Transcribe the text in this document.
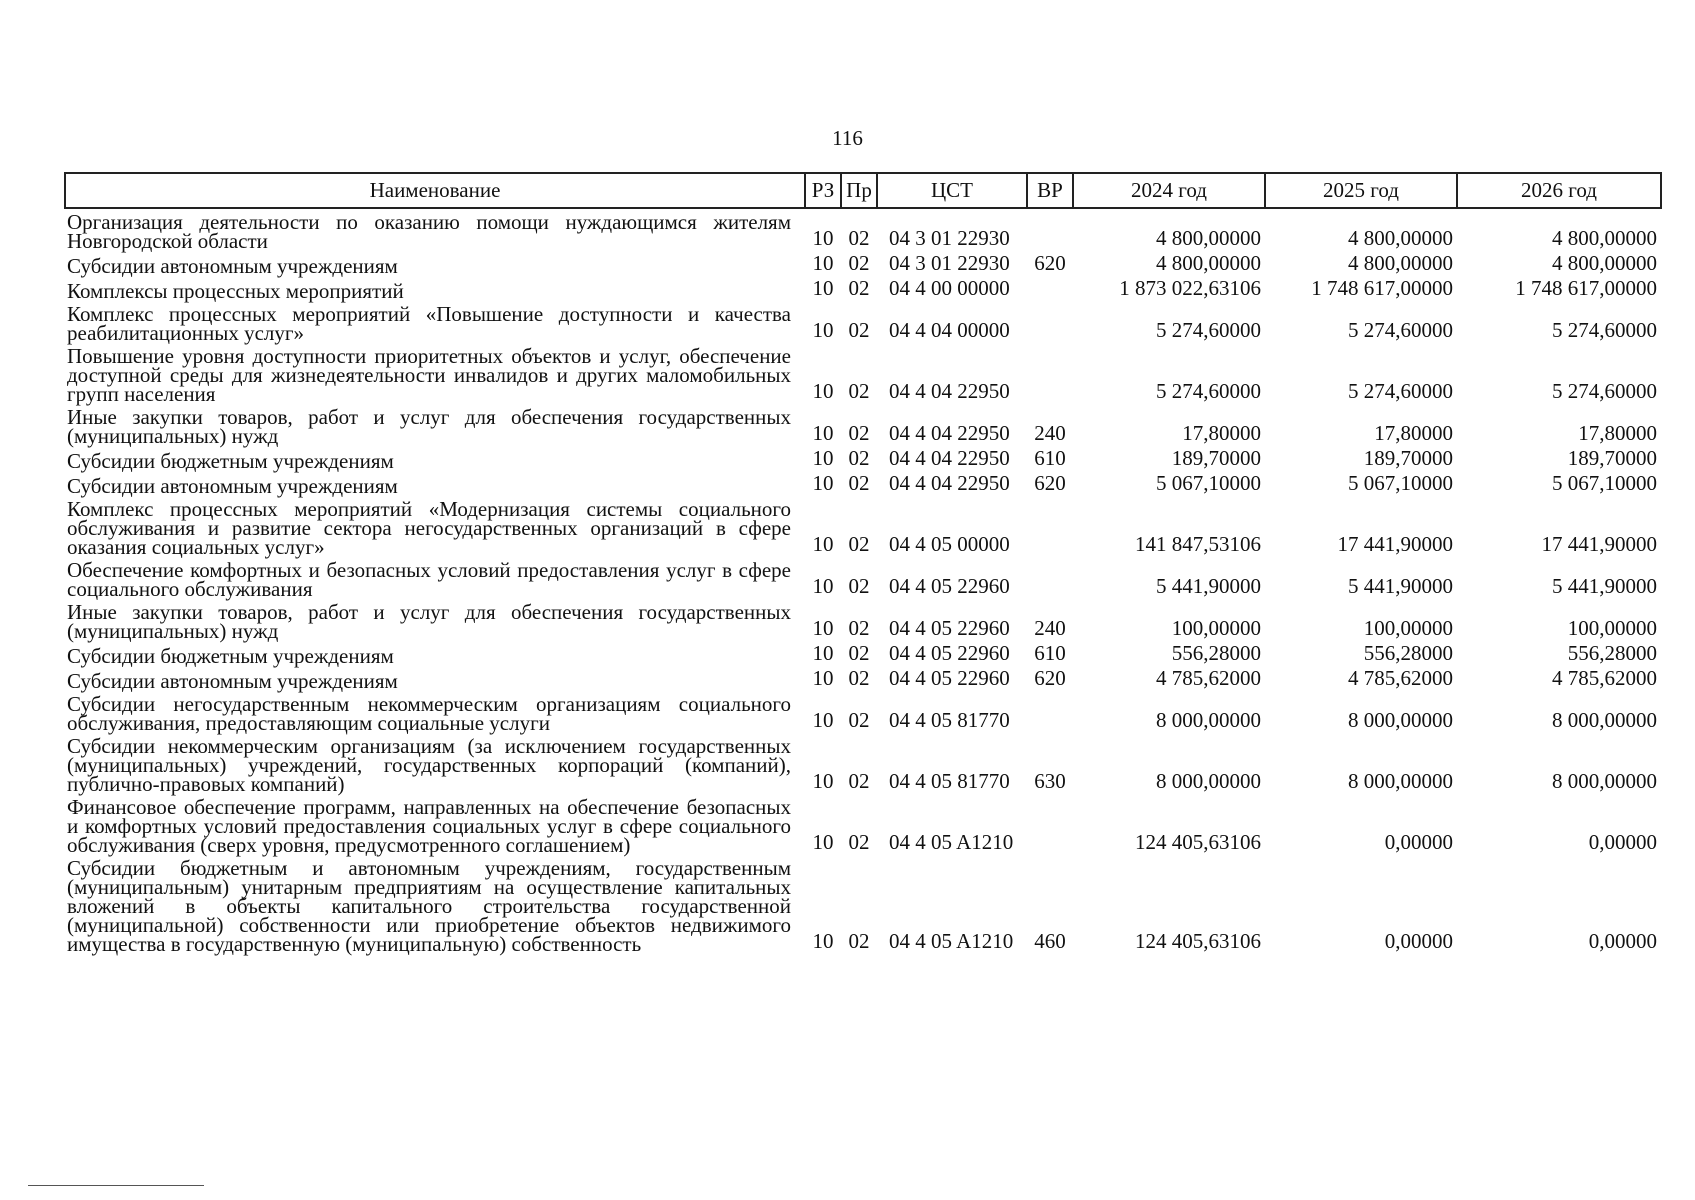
116
Наименование	РЗ	Пр	ЦСТ	ВР	2024 год	2025 год	2026 год
Организация деятельности по оказанию помощи нуждающимся жителям Новгородской области	10	02	04 3 01 22930		4 800,00000	4 800,00000	4 800,00000
Субсидии автономным учреждениям	10	02	04 3 01 22930	620	4 800,00000	4 800,00000	4 800,00000
Комплексы процессных мероприятий	10	02	04 4 00 00000		1 873 022,63106	1 748 617,00000	1 748 617,00000
Комплекс процессных мероприятий «Повышение доступности и качества реабилитационных услуг»	10	02	04 4 04 00000		5 274,60000	5 274,60000	5 274,60000
Повышение уровня доступности приоритетных объектов и услуг, обеспечение доступной среды для жизнедеятельности инвалидов и других маломобильных групп населения	10	02	04 4 04 22950		5 274,60000	5 274,60000	5 274,60000
Иные закупки товаров, работ и услуг для обеспечения государственных (муниципальных) нужд	10	02	04 4 04 22950	240	17,80000	17,80000	17,80000
Субсидии бюджетным учреждениям	10	02	04 4 04 22950	610	189,70000	189,70000	189,70000
Субсидии автономным учреждениям	10	02	04 4 04 22950	620	5 067,10000	5 067,10000	5 067,10000
Комплекс процессных мероприятий «Модернизация системы социального обслуживания и развитие сектора негосударственных организаций в сфере оказания социальных услуг»	10	02	04 4 05 00000		141 847,53106	17 441,90000	17 441,90000
Обеспечение комфортных и безопасных условий предоставления услуг в сфере социального обслуживания	10	02	04 4 05 22960		5 441,90000	5 441,90000	5 441,90000
Иные закупки товаров, работ и услуг для обеспечения государственных (муниципальных) нужд	10	02	04 4 05 22960	240	100,00000	100,00000	100,00000
Субсидии бюджетным учреждениям	10	02	04 4 05 22960	610	556,28000	556,28000	556,28000
Субсидии автономным учреждениям	10	02	04 4 05 22960	620	4 785,62000	4 785,62000	4 785,62000
Субсидии негосударственным некоммерческим организациям социального обслуживания, предоставляющим социальные услуги	10	02	04 4 05 81770		8 000,00000	8 000,00000	8 000,00000
Субсидии некоммерческим организациям (за исключением государственных (муниципальных) учреждений, государственных корпораций (компаний), публично-правовых компаний)	10	02	04 4 05 81770	630	8 000,00000	8 000,00000	8 000,00000
Финансовое обеспечение программ, направленных на обеспечение безопасных и комфортных условий предоставления социальных услуг в сфере социального обслуживания (сверх уровня, предусмотренного соглашением)	10	02	04 4 05 A1210		124 405,63106	0,00000	0,00000
Субсидии бюджетным и автономным учреждениям, государственным (муниципальным) унитарным предприятиям на осуществление капитальных вложений в объекты капитального строительства государственной (муниципальной) собственности или приобретение объектов недвижимого имущества в государственную (муниципальную) собственность	10	02	04 4 05 A1210	460	124 405,63106	0,00000	0,00000
